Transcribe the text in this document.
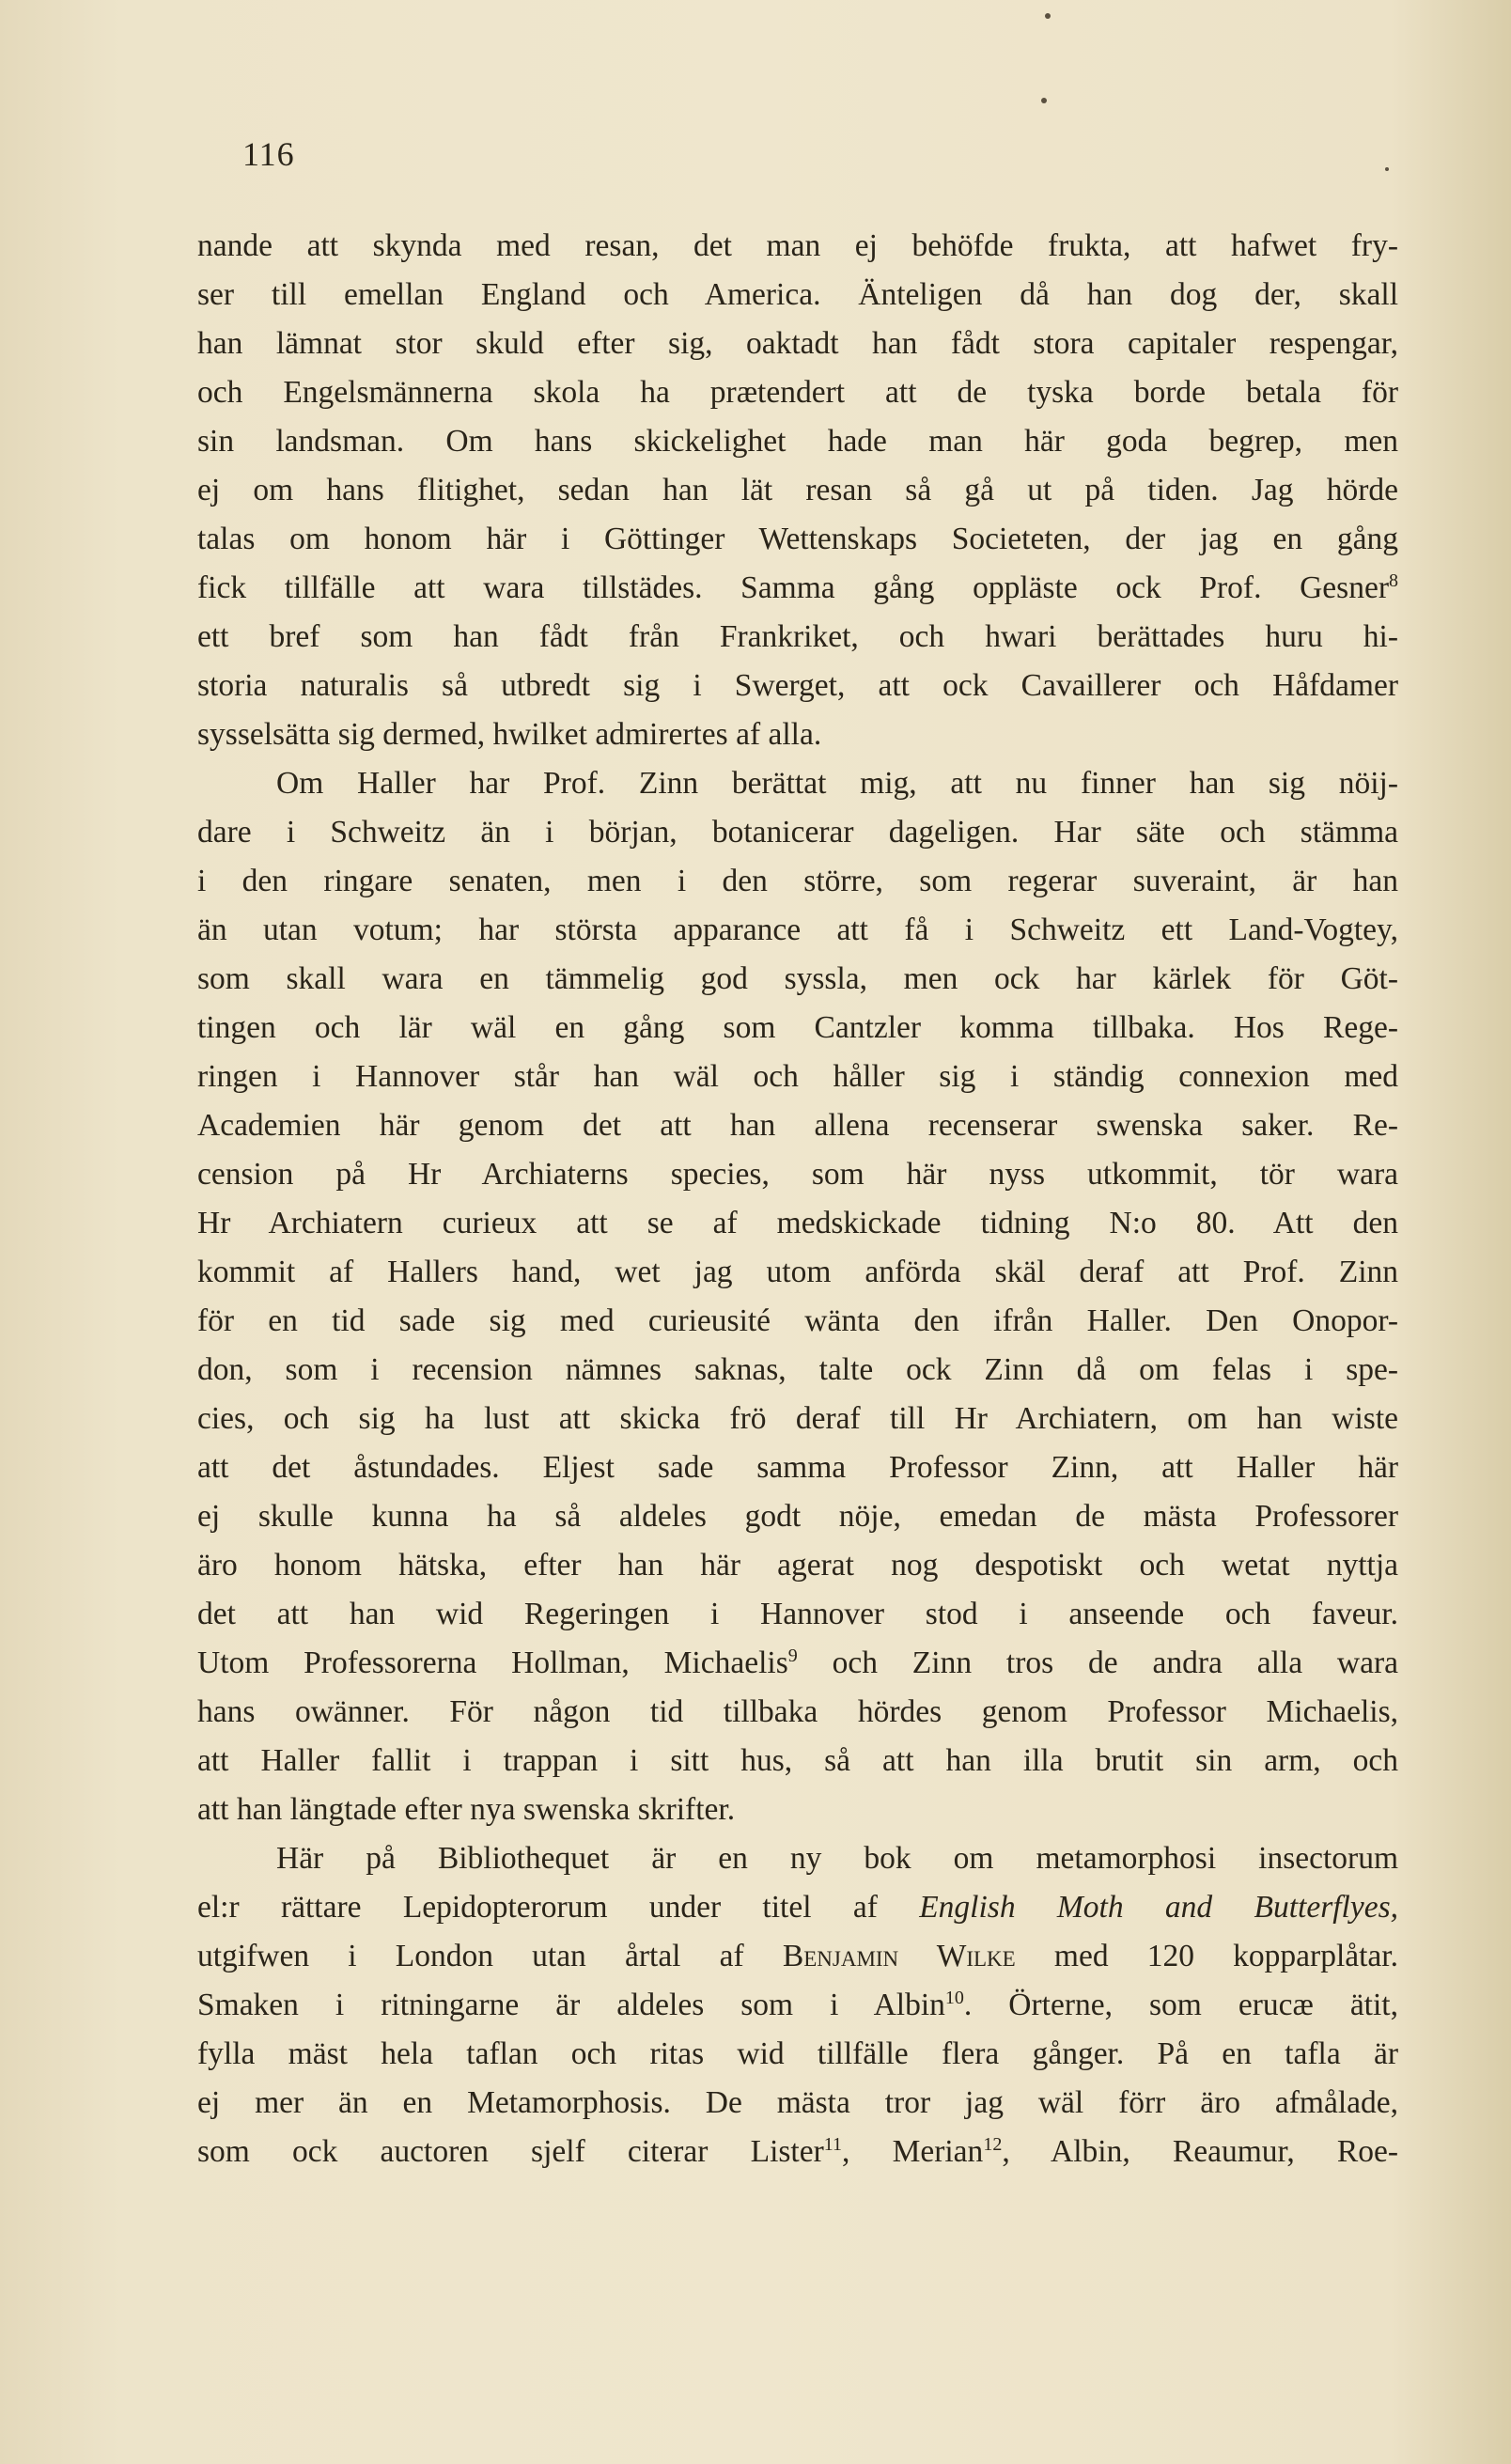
116
nande att skynda med resan, det man ej behöfde frukta, att hafwet fry-
ser till emellan England och America. Änteligen då han dog der, skall
han lämnat stor skuld efter sig, oaktadt han fådt stora capitaler respengar,
och Engelsmännerna skola ha prætendert att de tyska borde betala för
sin landsman. Om hans skickelighet hade man här goda begrep, men
ej om hans flitighet, sedan han lät resan så gå ut på tiden. Jag hörde
talas om honom här i Göttinger Wettenskaps Societeten, der jag en gång
fick tillfälle att wara tillstädes. Samma gång oppläste ock Prof. Gesner$^8$
ett bref som han fådt från Frankriket, och hwari berättades huru hi-
storia naturalis så utbredt sig i Swerget, att ock Cavaillerer och Håfdamer
sysselsätta sig dermed, hwilket admirertes af alla.
Om Haller har Prof. Zinn berättat mig, att nu finner han sig nöij-
dare i Schweitz än i början, botanicerar dageligen. Har säte och stämma
i den ringare senaten, men i den större, som regerar suveraint, är han
än utan votum; har största apparance att få i Schweitz ett Land-Vogtey,
som skall wara en tämmelig god syssla, men ock har kärlek för Göt-
tingen och lär wäl en gång som Cantzler komma tillbaka. Hos Rege-
ringen i Hannover står han wäl och håller sig i ständig connexion med
Academien här genom det att han allena recenserar swenska saker. Re-
cension på Hr Archiaterns species, som här nyss utkommit, tör wara
Hr Archiatern curieux att se af medskickade tidning N:o 80. Att den
kommit af Hallers hand, wet jag utom anförda skäl deraf att Prof. Zinn
för en tid sade sig med curieusité wänta den ifrån Haller. Den Onopor-
don, som i recension nämnes saknas, talte ock Zinn då om felas i spe-
cies, och sig ha lust att skicka frö deraf till Hr Archiatern, om han wiste
att det åstundades. Eljest sade samma Professor Zinn, att Haller här
ej skulle kunna ha så aldeles godt nöje, emedan de mästa Professorer
äro honom hätska, efter han här agerat nog despotiskt och wetat nyttja
det att han wid Regeringen i Hannover stod i anseende och faveur.
Utom Professorerna Hollman, Michaelis$^9$ och Zinn tros de andra alla wara
hans owänner. För någon tid tillbaka hördes genom Professor Michaelis,
att Haller fallit i trappan i sitt hus, så att han illa brutit sin arm, och
att han längtade efter nya swenska skrifter.
Här på Bibliothequet är en ny bok om metamorphosi insectorum
el:r rättare Lepidopterorum under titel af English Moth and Butterflyes,
utgifwen i London utan årtal af Benjamin Wilke med 120 kopparplåtar.
Smaken i ritningarne är aldeles som i Albin$^{10}$. Örterne, som erucæ ätit,
fylla mäst hela taflan och ritas wid tillfälle flera gånger. På en tafla är
ej mer än en Metamorphosis. De mästa tror jag wäl förr äro afmålade,
som ock auctoren sjelf citerar Lister$^{11}$, Merian$^{12}$, Albin, Reaumur, Roe-
